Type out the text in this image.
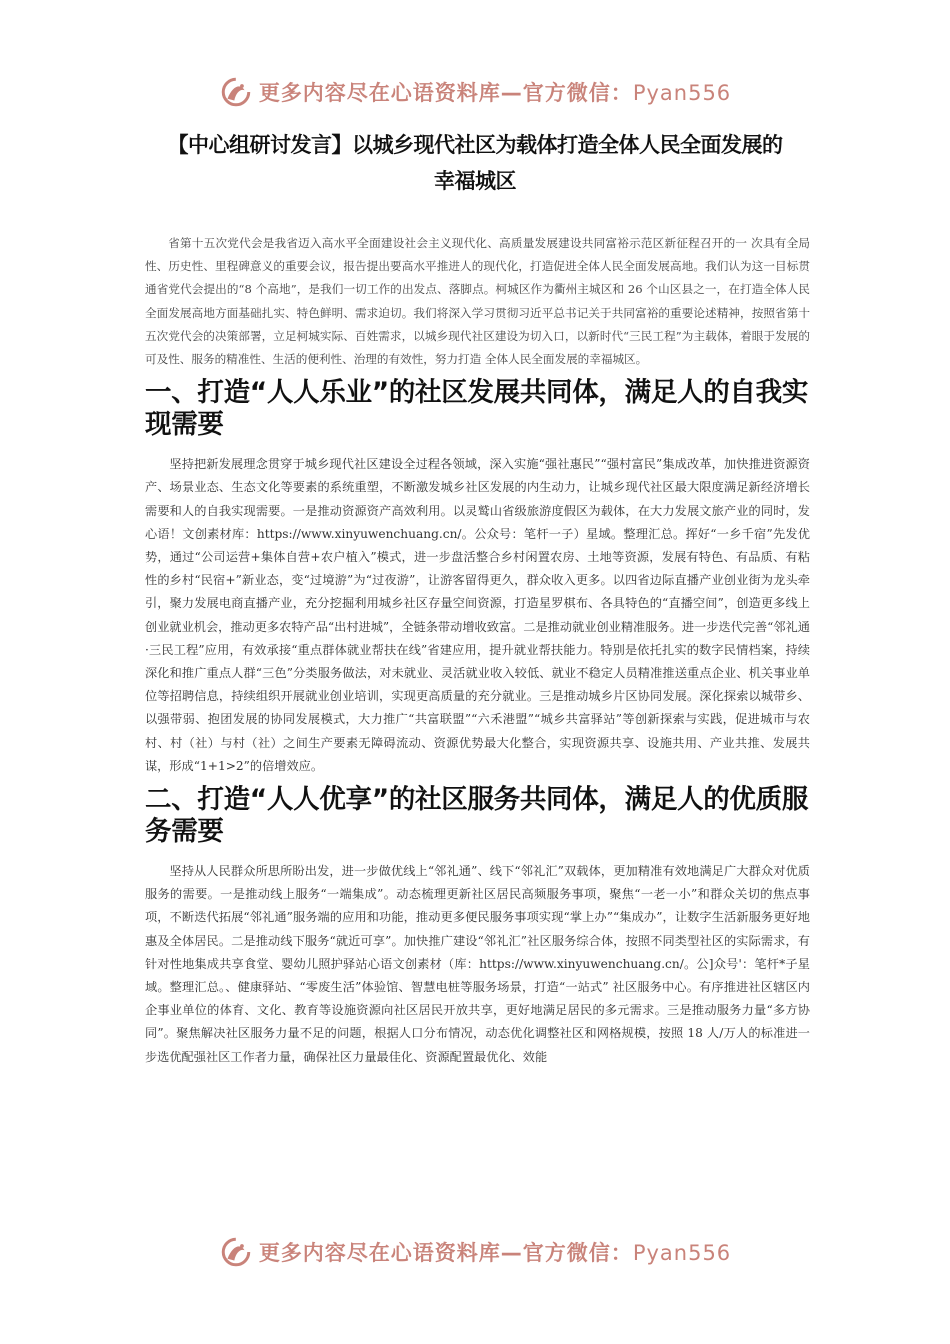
更多内容尽在心语资料库—官方微信：Pyan556
【中心组研讨发言】以城乡现代社区为载体打造全体人民全面发展的
幸福城区

省第十五次党代会是我省迈入高水平全面建设社会主义现代化、高质量发展建设共同富裕示范区新征程召开的一 次具有全局性、历史性、里程碑意义的重要会议，报告提出要高水平推进人的现代化，打造促进全体人民全面发展高地。我们认为这一目标贯通省党代会提出的“8 个高地”，是我们一切工作的出发点、落脚点。柯城区作为衢州主城区和 26 个山区县之一，在打造全体人民全面发展高地方面基础扎实、特色鲜明、需求迫切。我们将深入学习贯彻习近平总书记关于共同富裕的重要论述精神，按照省第十五次党代会的决策部署，立足柯城实际、百姓需求，以城乡现代社区建设为切入口，以新时代“三民工程”为主载体，着眼于发展的可及性、服务的精准性、生活的便利性、治理的有效性，努力打造 全体人民全面发展的幸福城区。

一、打造“人人乐业”的社区发展共同体，满足人的自我实现需要

坚持把新发展理念贯穿于城乡现代社区建设全过程各领域，深入实施“强社惠民”“强村富民”集成改革，加快推进资源资产、场景业态、生态文化等要素的系统重塑，不断激发城乡社区发展的内生动力，让城乡现代社区最大限度满足新经济增长需要和人的自我实现需要。一是推动资源资产高效利用。以灵鹫山省级旅游度假区为载体，在大力发展文旅产业的同时，发心语！文创素材库：https://www.xinyuwenchuang.cn/。公众号：笔杆一子）星域。整理汇总。挥好“一乡千宿”先发优势，通过“公司运营+集体自营+农户植入”模式，进一步盘活整合乡村闲置农房、土地等资源，发展有特色、有品质、有粘性的乡村“民宿+”新业态，变“过境游”为“过夜游”，让游客留得更久，群众收入更多。以四省边际直播产业创业街为龙头牵引，聚力发展电商直播产业，充分挖掘利用城乡社区存量空间资源，打造星罗棋布、各具特色的“直播空间”，创造更多线上创业就业机会，推动更多农特产品“出村进城”，全链条带动增收致富。二是推动就业创业精准服务。进一步迭代完善“邻礼通·三民工程”应用，有效承接“重点群体就业帮扶在线”省建应用，提升就业帮扶能力。特别是依托扎实的数字民情档案，持续深化和推广重点人群“三色”分类服务做法，对未就业、灵活就业收入较低、就业不稳定人员精准推送重点企业、机关事业单位等招聘信息，持续组织开展就业创业培训，实现更高质量的充分就业。三是推动城乡片区协同发展。深化探索以城带乡、以强带弱、抱团发展的协同发展模式，大力推广“共富联盟”“六禾港盟”“城乡共富驿站”等创新探索与实践，促进城市与农村、村（社）与村（社）之间生产要素无障碍流动、资源优势最大化整合，实现资源共享、设施共用、产业共推、发展共谋，形成“1+1>2”的倍增效应。

二、打造“人人优享”的社区服务共同体，满足人的优质服务需要

坚持从人民群众所思所盼出发，进一步做优线上“邻礼通”、线下“邻礼汇”双载体，更加精准有效地满足广大群众对优质服务的需要。一是推动线上服务“一端集成”。动态梳理更新社区居民高频服务事项，聚焦“一老一小”和群众关切的焦点事项，不断迭代拓展“邻礼通”服务端的应用和功能，推动更多便民服务事项实现“掌上办”“集成办”，让数字生活新服务更好地惠及全体居民。二是推动线下服务“就近可享”。加快推广建设“邻礼汇”社区服务综合体，按照不同类型社区的实际需求，有针对性地集成共享食堂、婴幼儿照护驿站心语文创素材（库：https://www.xinyuwenchuang.cn/。公]众号'：笔杆*子星域。整理汇总。、健康驿站、“零废生活”体验馆、智慧电桩等服务场景，打造“一站式” 社区服务中心。有序推进社区辖区内企事业单位的体育、文化、教育等设施资源向社区居民开放共享，更好地满足居民的多元需求。三是推动服务力量“多方协同”。聚焦解决社区服务力量不足的问题，根据人口分布情况，动态优化调整社区和网格规模，按照 18 人/万人的标准进一步选优配强社区工作者力量，确保社区力量最佳化、资源配置最优化、效能

更多内容尽在心语资料库—官方微信：Pyan556
